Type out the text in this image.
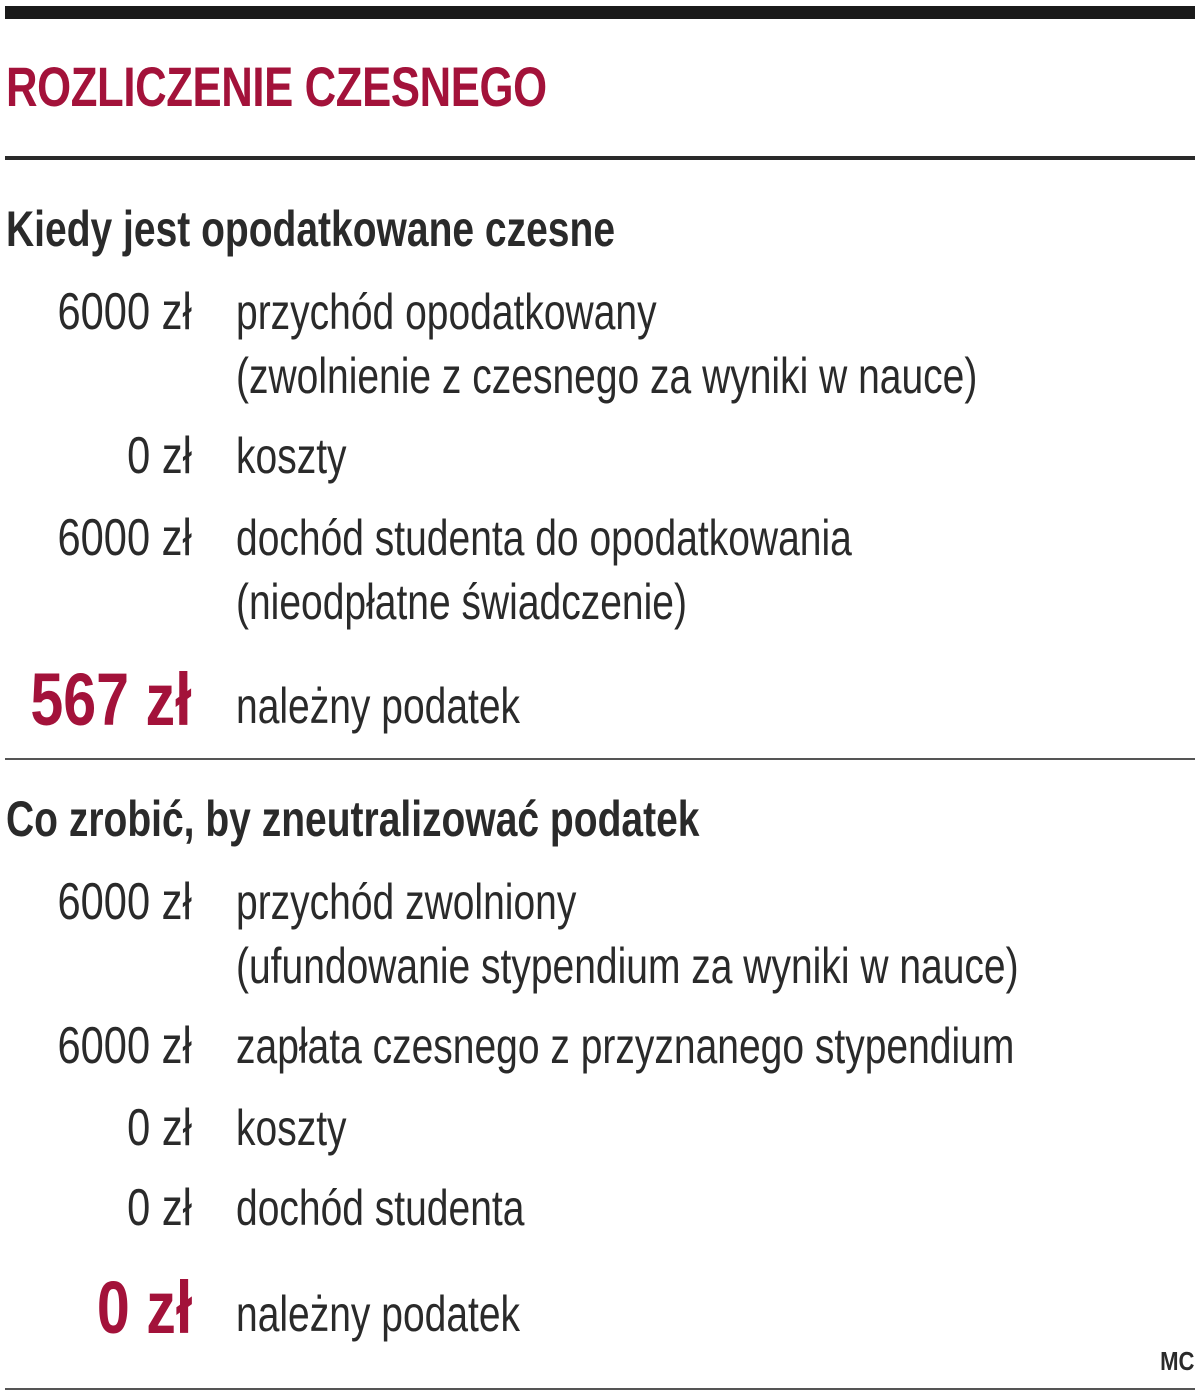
ROZLICZENIE CZESNEGO
Kiedy jest opodatkowane czesne
6000 zł przychód opodatkowany
(zwolnienie z czesnego za wyniki w nauce)
0 zł koszty
6000 zł dochód studenta do opodatkowania
(nieodpłatne świadczenie)
567 zł należny podatek
Co zrobić, by zneutralizować podatek
6000 zł przychód zwolniony
(ufundowanie stypendium za wyniki w nauce)
6000 zł zapłata czesnego z przyznanego stypendium
0 zł koszty
0 zł dochód studenta
0 zł należny podatek
MC
